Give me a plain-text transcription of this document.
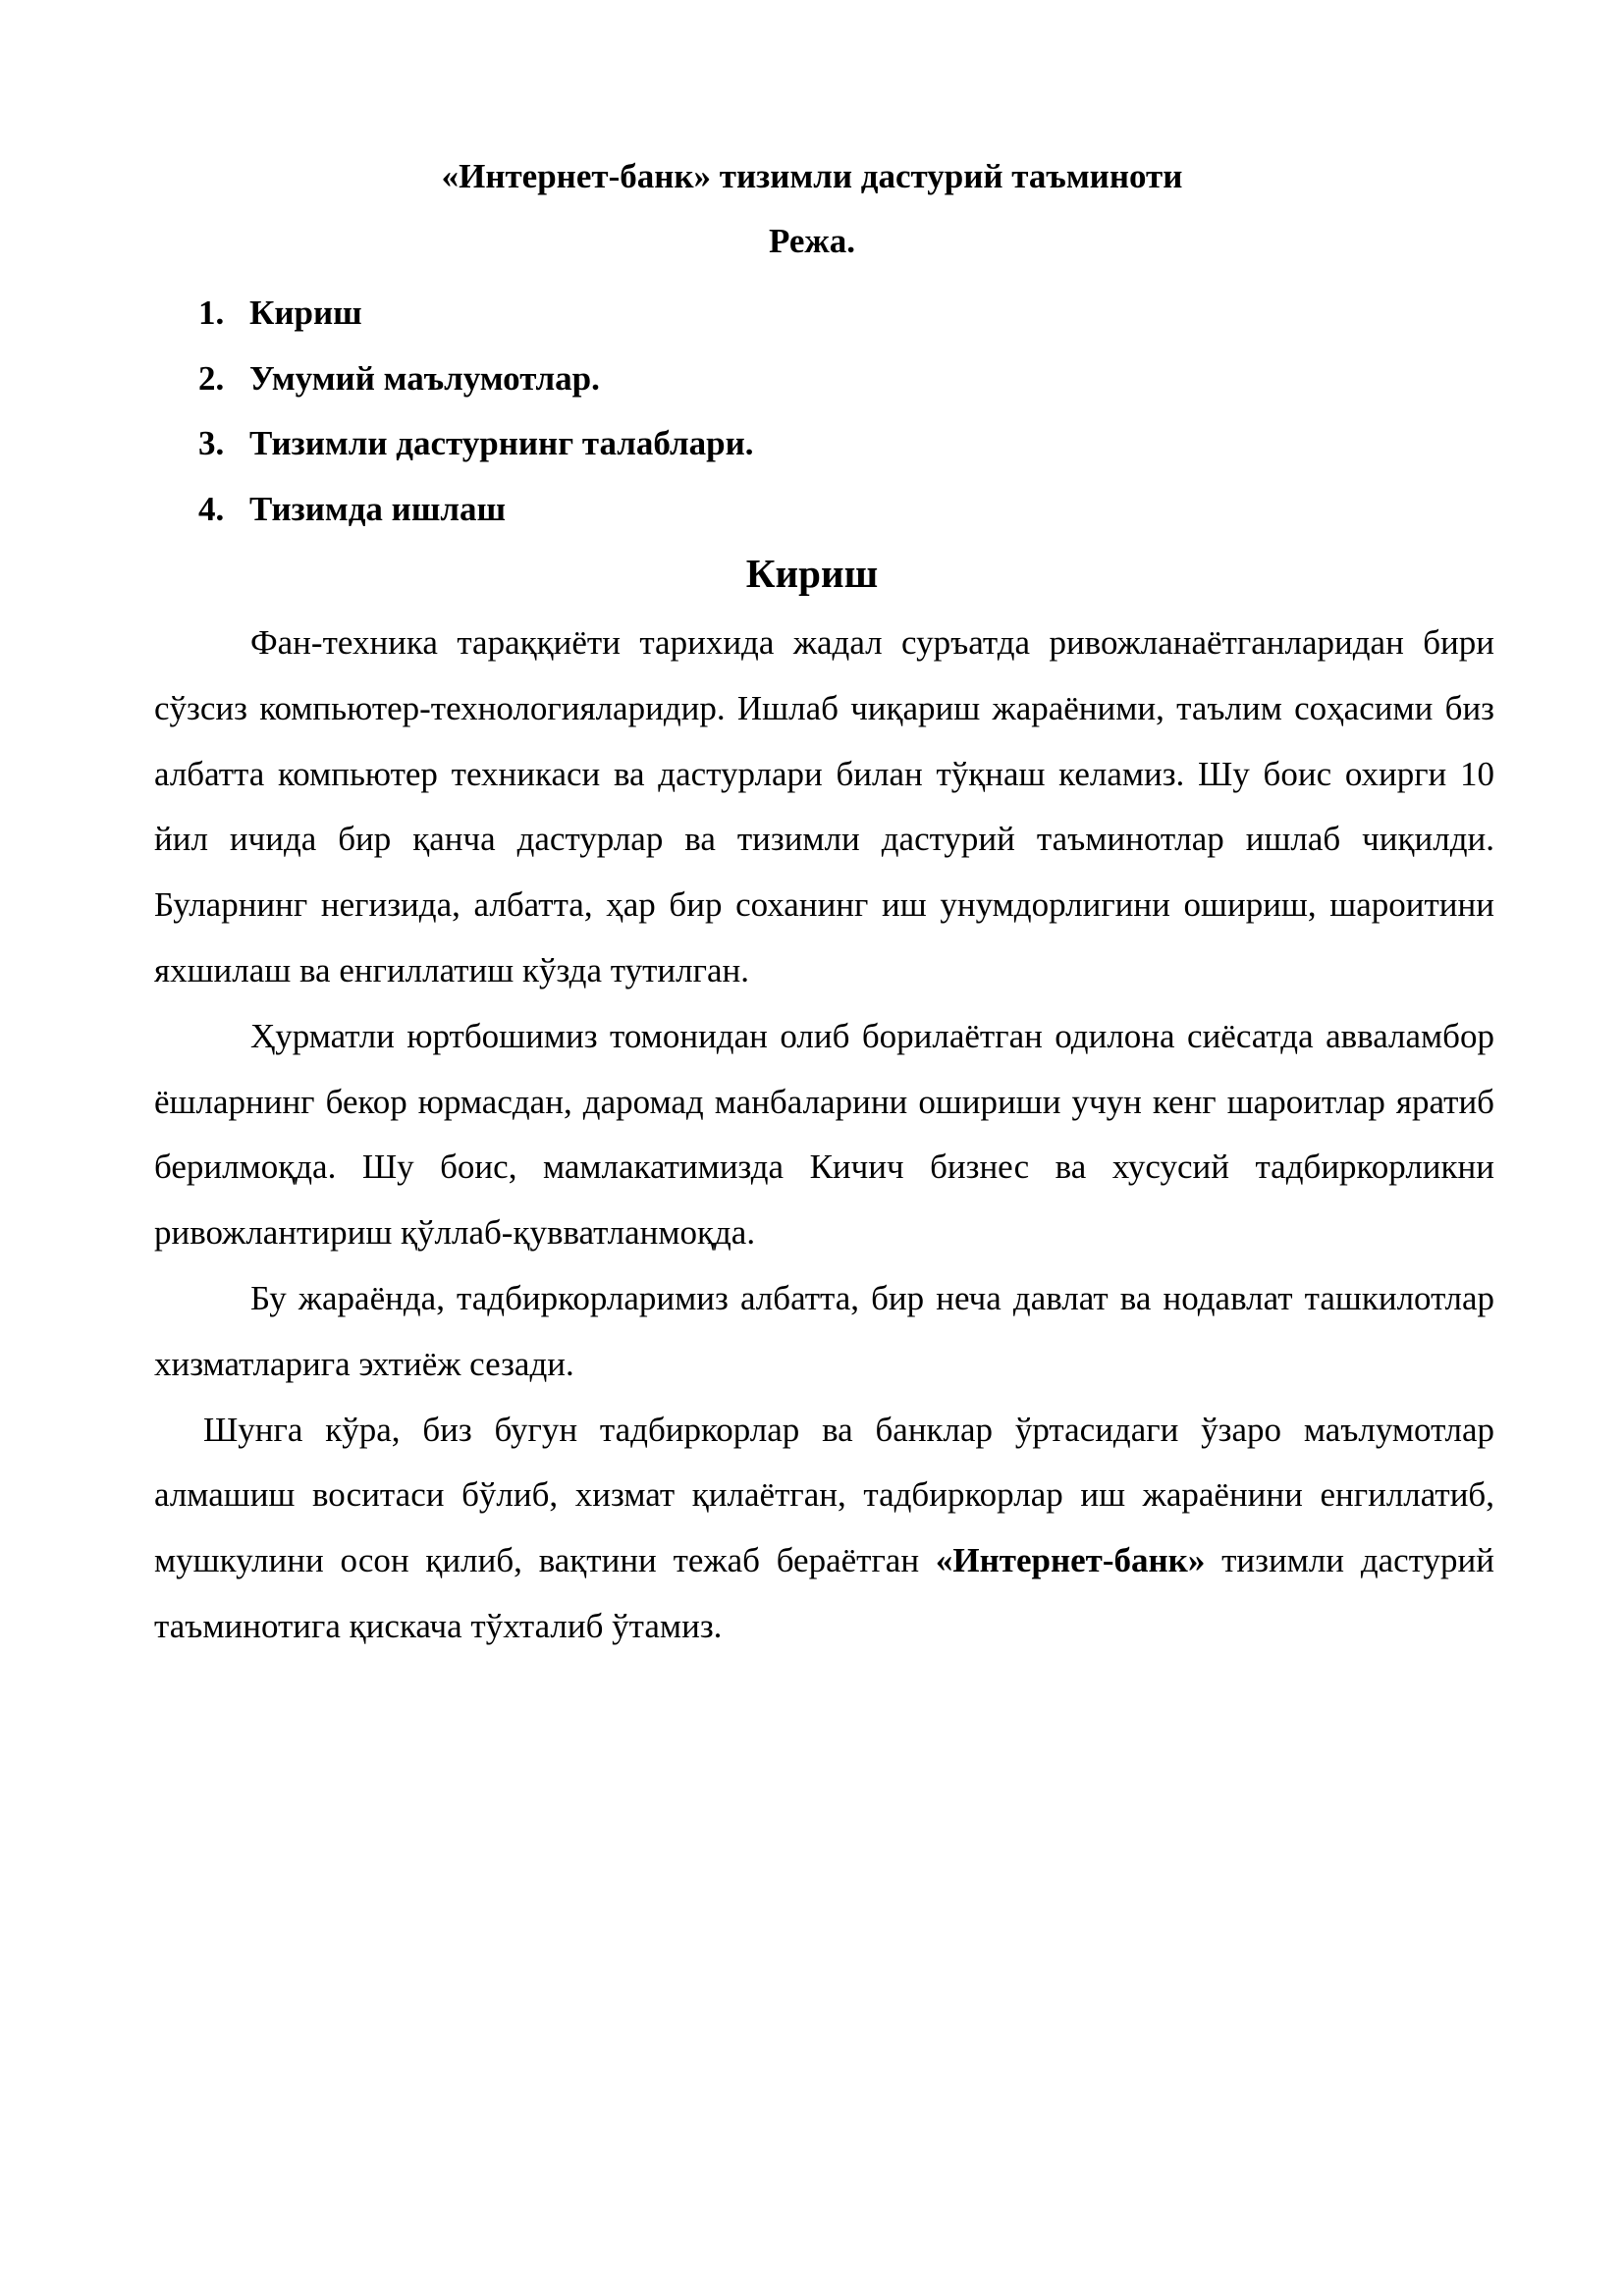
«Интернет-банк» тизимли дастурий таъминоти

Режа.

1. Кириш
2. Умумий маълумотлар.
3. Тизимли дастурнинг талаблари.
4. Тизимда ишлаш
Кириш

Фан-техника тараққиёти тарихида жадал суръатда ривожланаётганларидан бири сўзсиз компьютер-технологияларидир. Ишлаб чиқариш жараёними, таълим соҳасими биз албатта компьютер техникаси ва дастурлари билан тўқнаш келамиз. Шу боис охирги 10 йил ичида бир қанча дастурлар ва тизимли дастурий таъминотлар ишлаб чиқилди. Буларнинг негизида, албатта, ҳар бир соханинг иш унумдорлигини ошириш, шароитини яхшилаш ва енгиллатиш кўзда тутилган.

Ҳурматли юртбошимиз томонидан олиб борилаётган одилона сиёсатда авваламбор ёшларнинг бекор юрмасдан, даромад манбаларини ошириши учун кенг шароитлар яратиб берилмоқда. Шу боис, мамлакатимизда Кичич бизнес ва хусусий тадбиркорликни ривожлантириш қўллаб-қувватланмоқда.

Бу жараёнда, тадбиркорларимиз албатта, бир неча давлат ва нодавлат ташкилотлар хизматларига эхтиёж сезади.

Шунга кўра, биз бугун тадбиркорлар ва банклар ўртасидаги ўзаро маълумотлар алмашиш воситаси бўлиб, хизмат қилаётган, тадбиркорлар иш жараёнини енгиллатиб, мушкулини осон қилиб, вақтини тежаб бераётган «Интернет-банк» тизимли дастурий таъминотига қискача тўхталиб ўтамиз.
